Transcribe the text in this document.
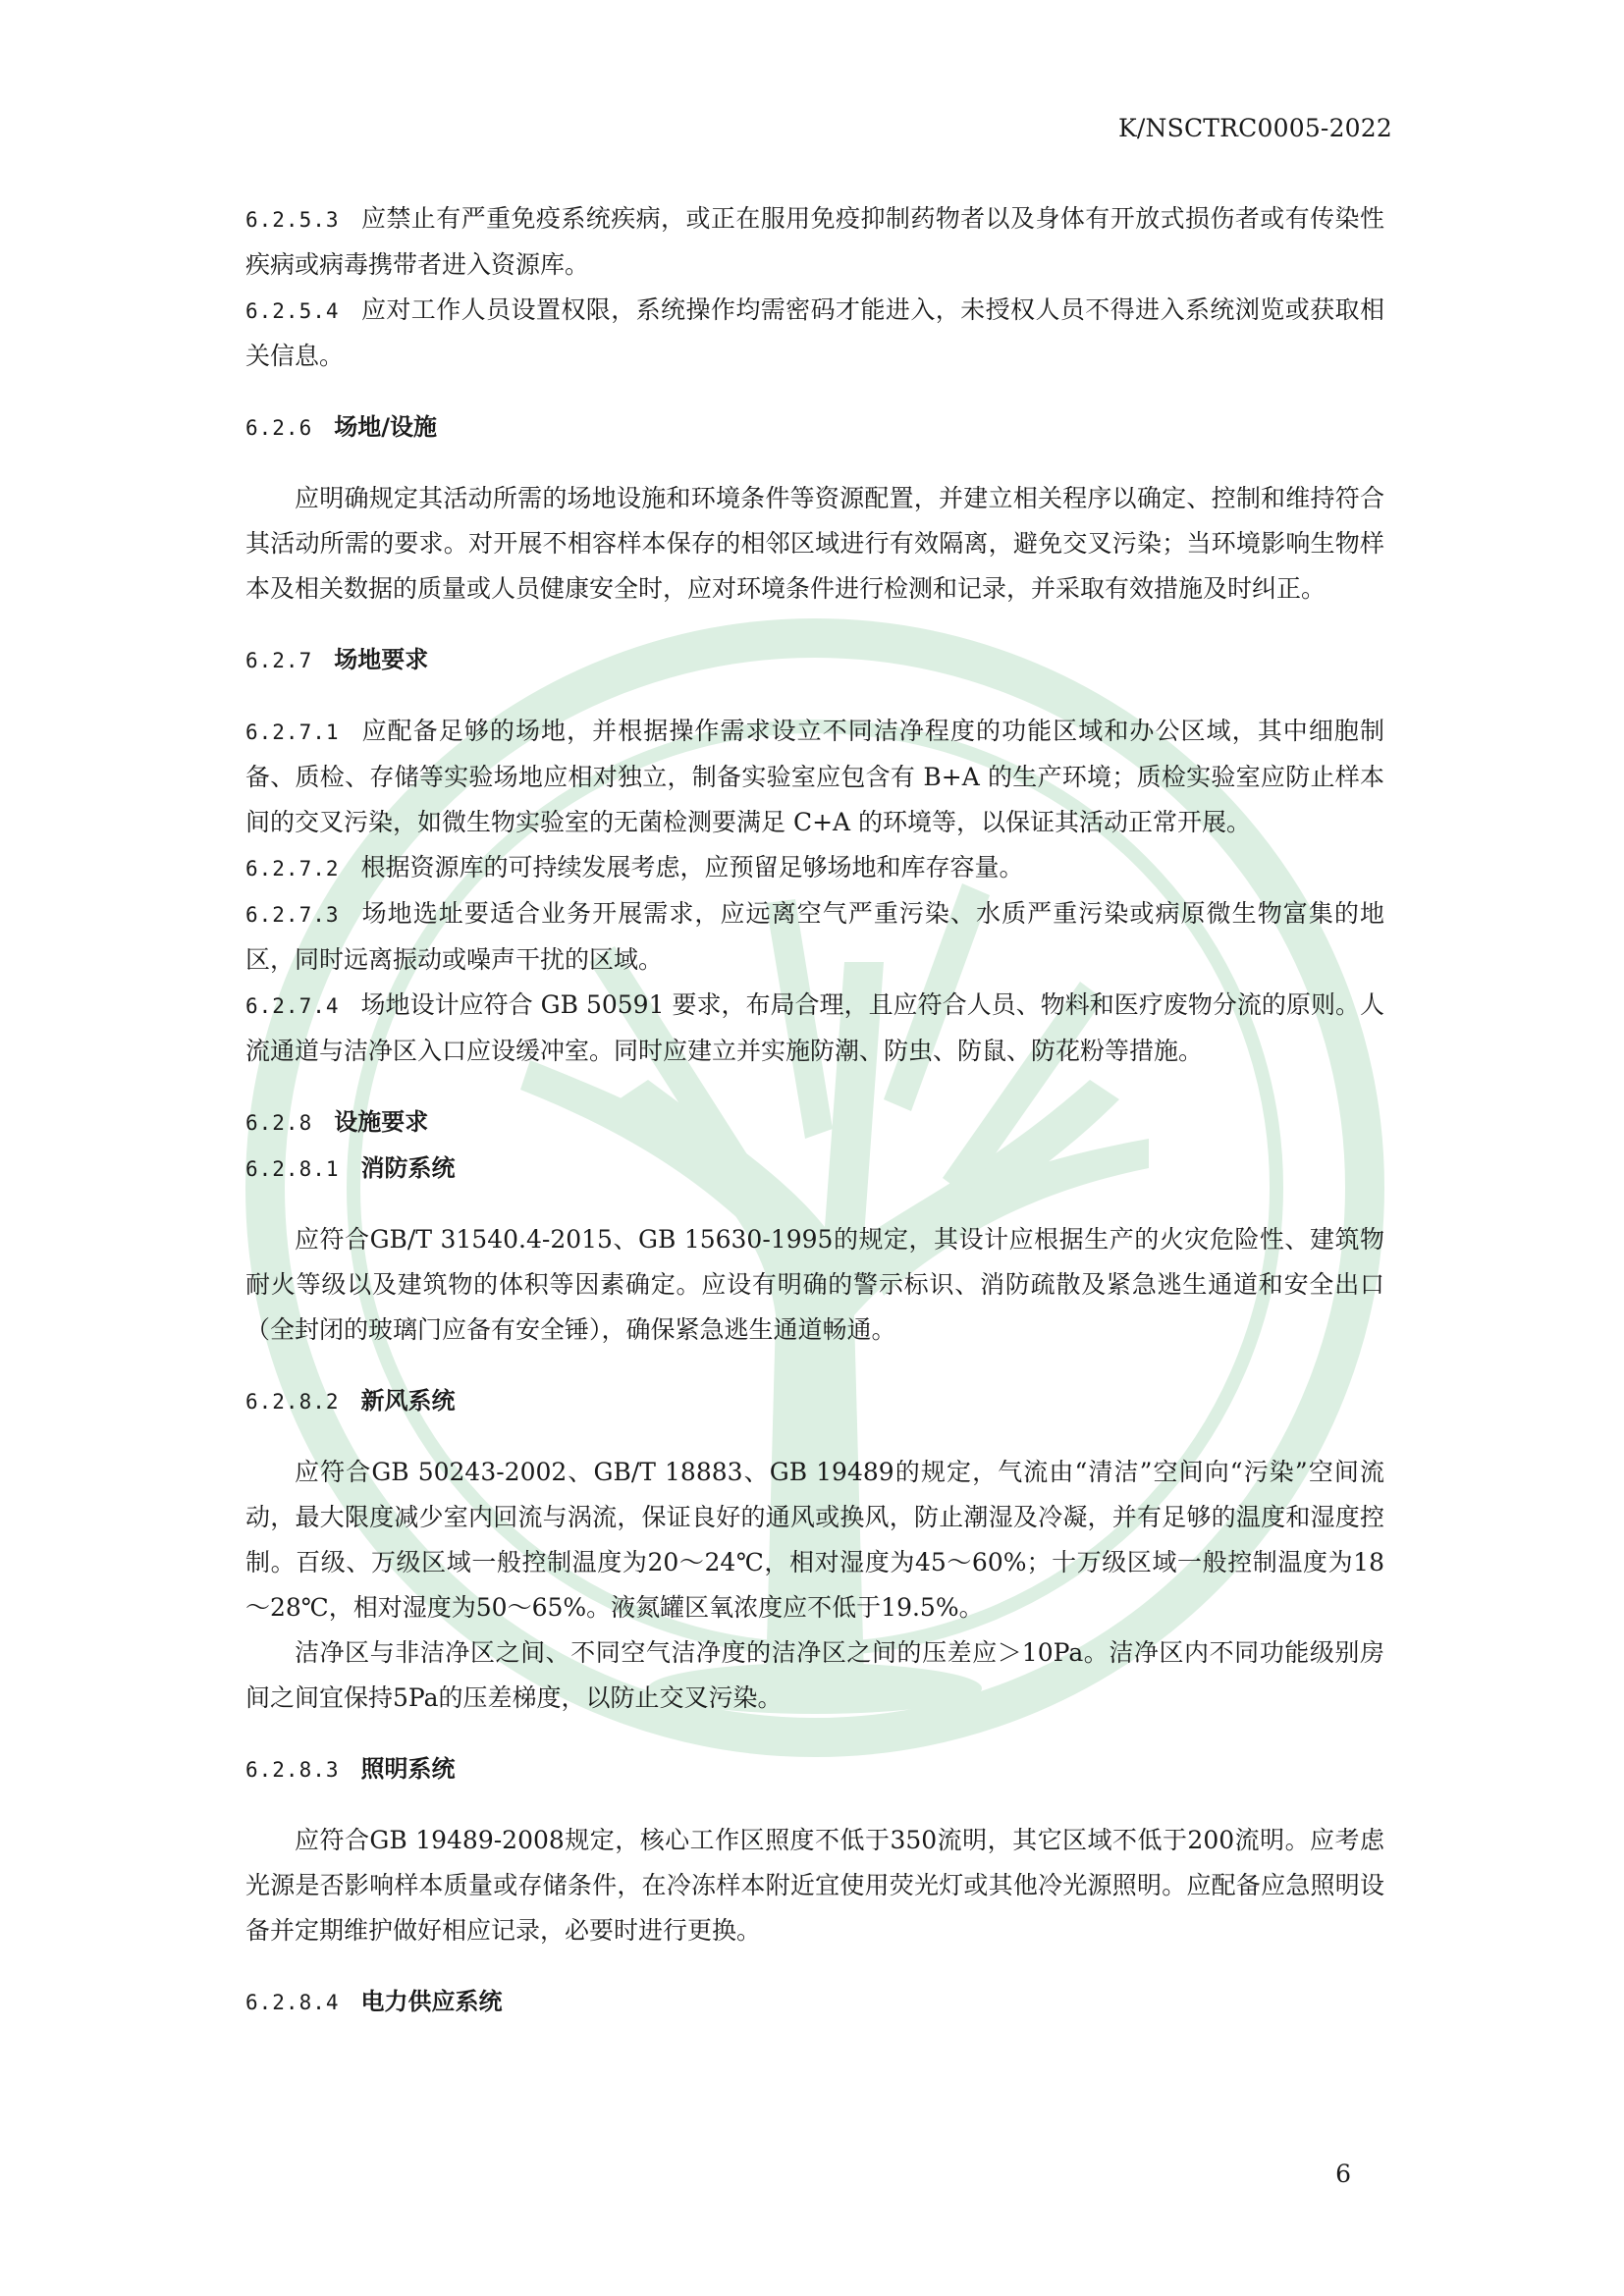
K/NSCTRC0005-2022

6.2.5.3 应禁止有严重免疫系统疾病，或正在服用免疫抑制药物者以及身体有开放式损伤者或有传染性疾病或病毒携带者进入资源库。

6.2.5.4 应对工作人员设置权限，系统操作均需密码才能进入，未授权人员不得进入系统浏览或获取相关信息。

6.2.6 场地/设施

应明确规定其活动所需的场地设施和环境条件等资源配置，并建立相关程序以确定、控制和维持符合其活动所需的要求。对开展不相容样本保存的相邻区域进行有效隔离，避免交叉污染；当环境影响生物样本及相关数据的质量或人员健康安全时，应对环境条件进行检测和记录，并采取有效措施及时纠正。

6.2.7 场地要求

6.2.7.1 应配备足够的场地，并根据操作需求设立不同洁净程度的功能区域和办公区域，其中细胞制备、质检、存储等实验场地应相对独立，制备实验室应包含有 B+A 的生产环境；质检实验室应防止样本间的交叉污染，如微生物实验室的无菌检测要满足 C+A 的环境等，以保证其活动正常开展。

6.2.7.2 根据资源库的可持续发展考虑，应预留足够场地和库存容量。

6.2.7.3 场地选址要适合业务开展需求，应远离空气严重污染、水质严重污染或病原微生物富集的地区，同时远离振动或噪声干扰的区域。

6.2.7.4 场地设计应符合 GB 50591 要求，布局合理，且应符合人员、物料和医疗废物分流的原则。人流通道与洁净区入口应设缓冲室。同时应建立并实施防潮、防虫、防鼠、防花粉等措施。

6.2.8 设施要求
6.2.8.1 消防系统

应符合GB/T 31540.4-2015、GB 15630-1995的规定，其设计应根据生产的火灾危险性、建筑物耐火等级以及建筑物的体积等因素确定。应设有明确的警示标识、消防疏散及紧急逃生通道和安全出口（全封闭的玻璃门应备有安全锤），确保紧急逃生通道畅通。

6.2.8.2 新风系统

应符合GB 50243-2002、GB/T 18883、GB 19489的规定，气流由“清洁”空间向“污染”空间流动，最大限度减少室内回流与涡流，保证良好的通风或换风，防止潮湿及冷凝，并有足够的温度和湿度控制。百级、万级区域一般控制温度为20～24℃，相对湿度为45～60%；十万级区域一般控制温度为18～28℃，相对湿度为50～65%。液氮罐区氧浓度应不低于19.5%。

洁净区与非洁净区之间、不同空气洁净度的洁净区之间的压差应＞10Pa。洁净区内不同功能级别房间之间宜保持5Pa的压差梯度，以防止交叉污染。

6.2.8.3 照明系统

应符合GB 19489-2008规定，核心工作区照度不低于350流明，其它区域不低于200流明。应考虑光源是否影响样本质量或存储条件，在冷冻样本附近宜使用荧光灯或其他冷光源照明。应配备应急照明设备并定期维护做好相应记录，必要时进行更换。

6.2.8.4 电力供应系统
6
